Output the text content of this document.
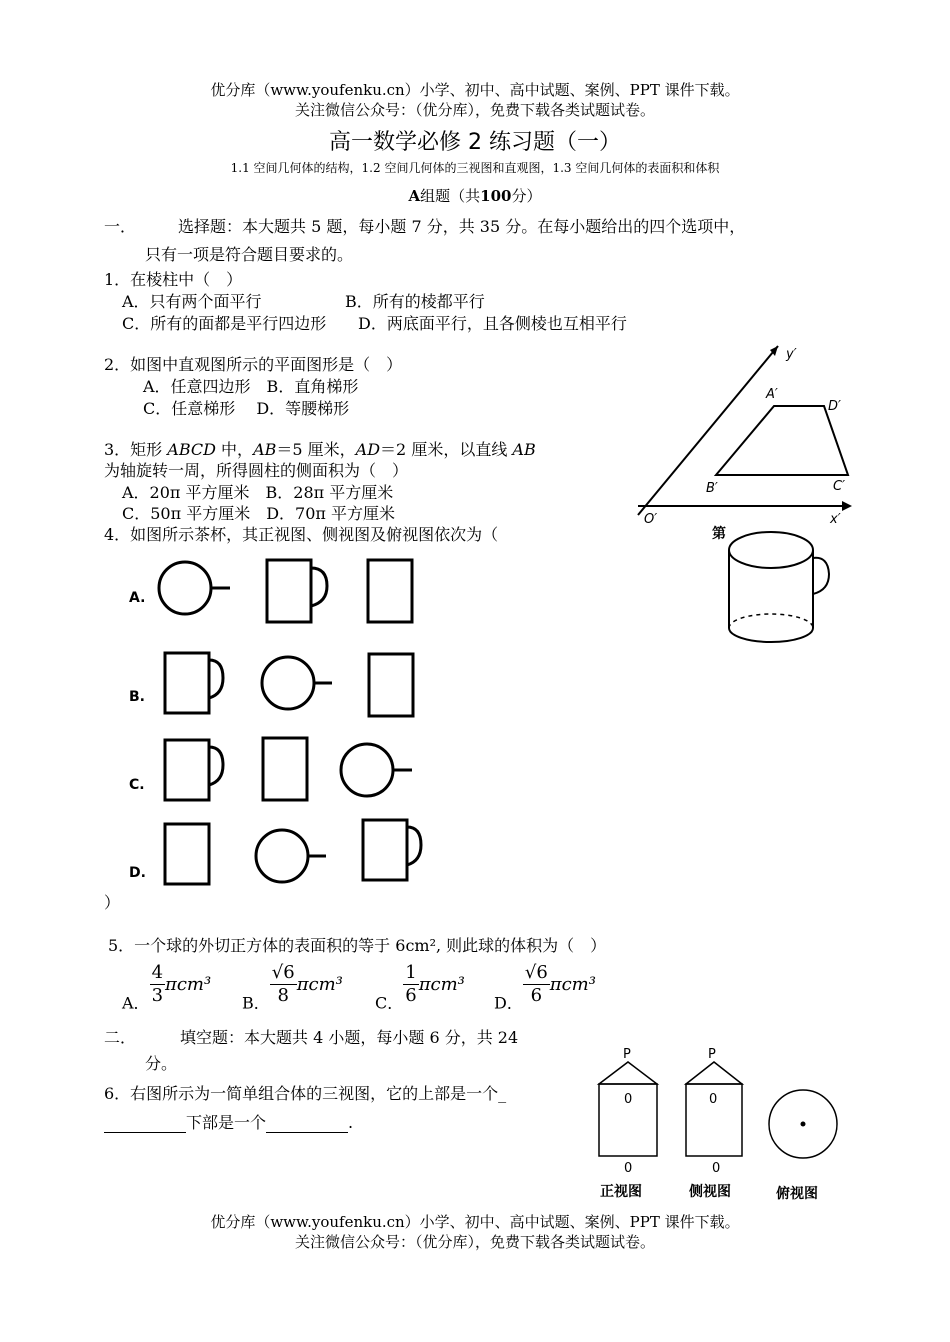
优分库（www.youfenku.cn）小学、初中、高中试题、案例、PPT 课件下载。
关注微信公众号：（优分库），免费下载各类试题试卷。
高一数学必修 2 练习题（一）
1.1 空间几何体的结构，1.2 空间几何体的三视图和直观图，1.3 空间几何体的表面积和体积
A组题（共100分）
一．	选择题：本大题共 5 题，每小题 7 分，共 35 分。在每小题给出的四个选项中，
只有一项是符合题目要求的。
1．在棱柱中（　）
A．只有两个面平行	B．所有的棱都平行
C．所有的面都是平行四边形 D．两底面平行，且各侧棱也互相平行
2．如图中直观图所示的平面图形是（　）
A．任意四边形　B．直角梯形
C．任意梯形　 D．等腰梯形
3．矩形 ABCD 中，AB＝5 厘米，AD＝2 厘米，以直线 AB
为轴旋转一周，所得圆柱的侧面积为（　）
A．20π 平方厘米　B．28π 平方厘米
C．50π 平方厘米　D．70π 平方厘米
4．如图所示茶杯，其正视图、侧视图及俯视图依次为（
y′
x′
O′
A′
D′
B′	C′
第
A.
B.
C.
D.
）
5．一个球的外切正方体的表面积的等于 6cm², 则此球的体积为（　）
A． $\frac{4}{3} \pi cm^3$
B． $\frac{√6}{8} \pi cm^3$
C． $\frac{1}{6} \pi cm^3$
D． $\frac{√6}{6} \pi cm^3$
二．	填空题：本大题共 4 小题，每小题 6 分，共 24
分。
6．右图所示为一简单组合体的三视图，它的上部是一个_
下部是一个	.
P
0
0
P
0
0
正视图	侧视图	俯视图
优分库（www.youfenku.cn）小学、初中、高中试题、案例、PPT 课件下载。
关注微信公众号：（优分库），免费下载各类试题试卷。
